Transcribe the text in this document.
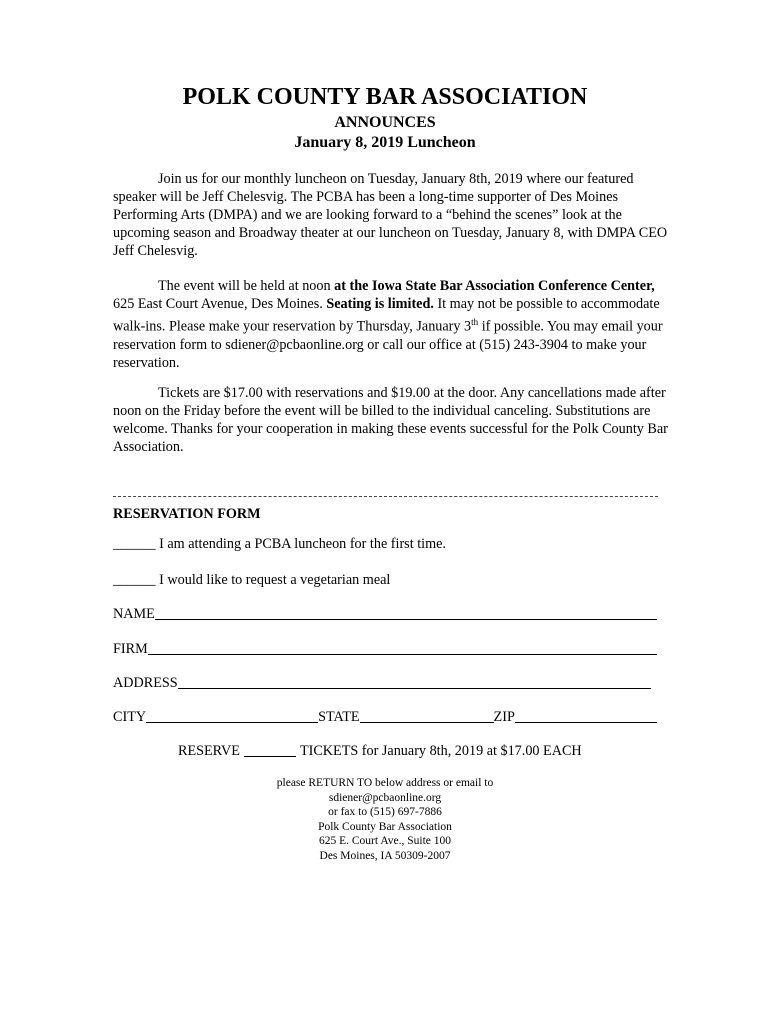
POLK COUNTY BAR ASSOCIATION
ANNOUNCES
January 8, 2019 Luncheon

Join us for our monthly luncheon on Tuesday, January 8th, 2019 where our featured speaker will be Jeff Chelesvig. The PCBA has been a long-time supporter of Des Moines Performing Arts (DMPA) and we are looking forward to a “behind the scenes” look at the upcoming season and Broadway theater at our luncheon on Tuesday, January 8, with DMPA CEO Jeff Chelesvig.

The event will be held at noon at the Iowa State Bar Association Conference Center, 625 East Court Avenue, Des Moines. Seating is limited. It may not be possible to accommodate walk-ins. Please make your reservation by Thursday, January 3th if possible. You may email your reservation form to sdiener@pcbaonline.org or call our office at (515) 243-3904 to make your reservation.

Tickets are $17.00 with reservations and $19.00 at the door. Any cancellations made after noon on the Friday before the event will be billed to the individual canceling. Substitutions are welcome. Thanks for your cooperation in making these events successful for the Polk County Bar Association.

RESERVATION FORM
______ I am attending a PCBA luncheon for the first time.
______ I would like to request a vegetarian meal
NAME
FIRM
ADDRESS
CITY	STATE	ZIP
RESERVE	TICKETS for January 8th, 2019 at $17.00 EACH
please RETURN TO below address or email to
sdiener@pcbaonline.org
or fax to (515) 697-7886
Polk County Bar Association
625 E. Court Ave., Suite 100
Des Moines, IA 50309-2007
